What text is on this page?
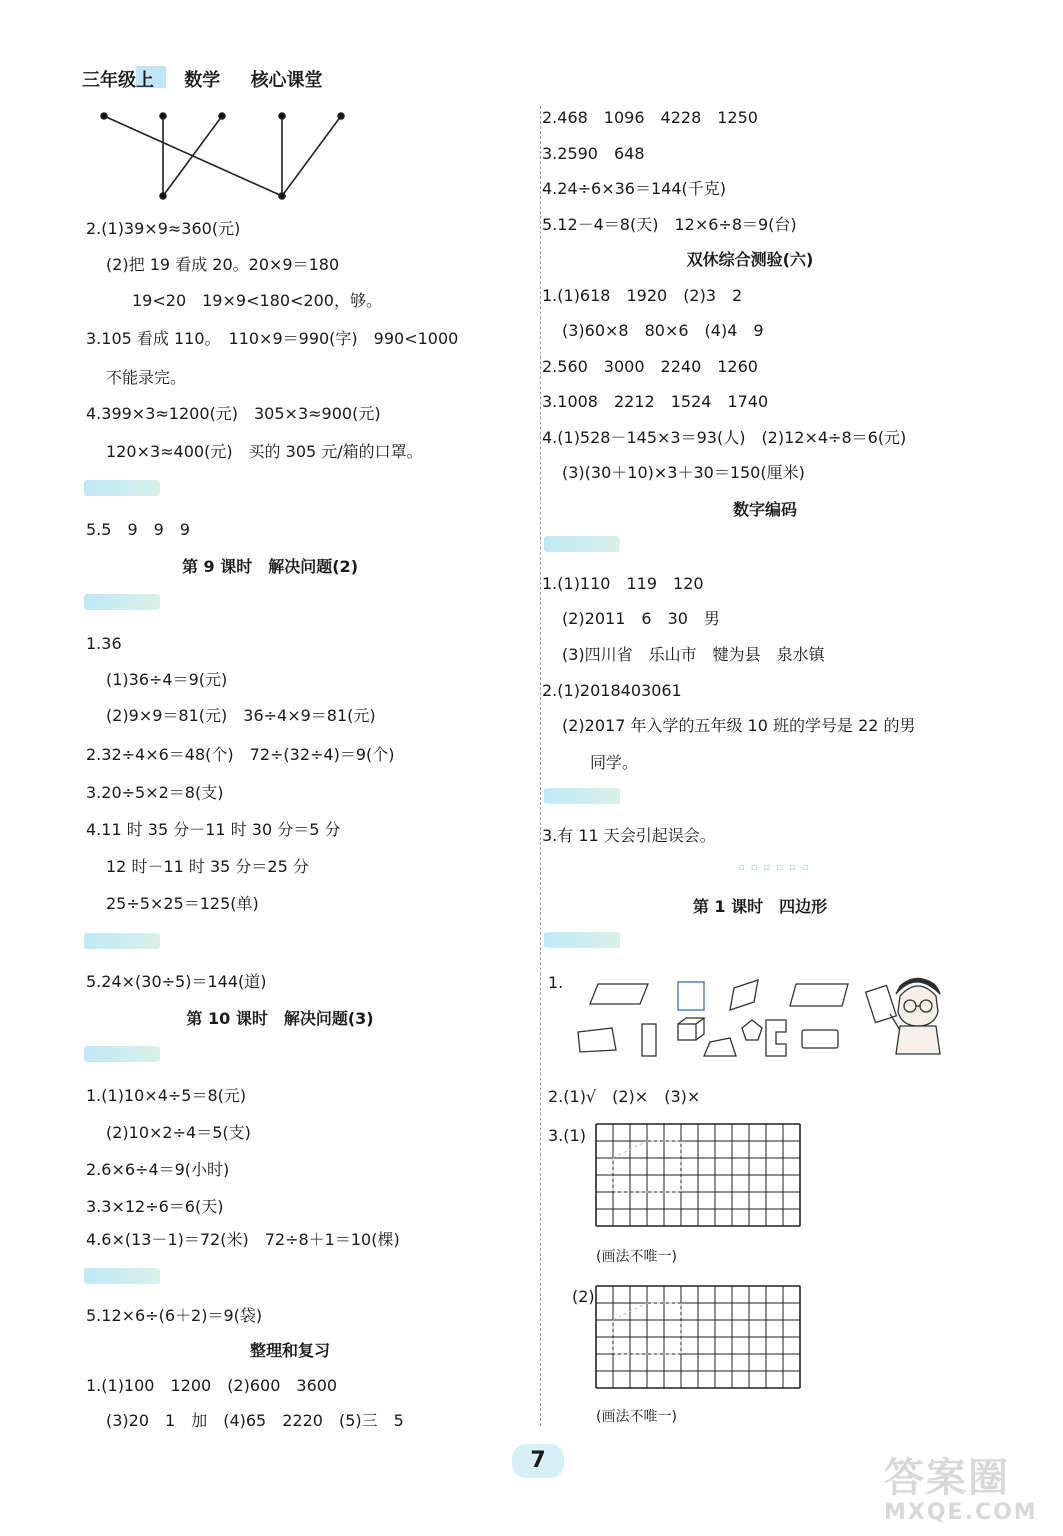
三年级上 数学 核心课堂
2.(1)39×9≈360(元)
(2)把 19 看成 20。20×9＝180
19<20　19×9<180<200，够。
3.105 看成 110。　110×9＝990(字)　990<1000
不能录完。
4.399×3≈1200(元)　305×3≈900(元)
120×3≈400(元)　买的 305 元/箱的口罩。
5.5　9　9　9
第 9 课时　解决问题(2)
1.36
(1)36÷4＝9(元)
(2)9×9＝81(元)　36÷4×9＝81(元)
2.32÷4×6＝48(个)　72÷(32÷4)＝9(个)
3.20÷5×2＝8(支)
4.11 时 35 分－11 时 30 分＝5 分
12 时－11 时 35 分＝25 分
25÷5×25＝125(单)
5.24×(30÷5)＝144(道)
第 10 课时　解决问题(3)
1.(1)10×4÷5＝8(元)
(2)10×2÷4＝5(支)
2.6×6÷4＝9(小时)
3.3×12÷6＝6(天)
4.6×(13－1)＝72(米)　72÷8＋1＝10(棵)
5.12×6÷(6＋2)＝9(袋)
整理和复习
1.(1)100　1200　(2)600　3600
(3)20　1　加　(4)65　2220　(5)三　5
2.468　1096　4228　1250
3.2590　648
4.24÷6×36＝144(千克)
5.12－4＝8(天)　12×6÷8＝9(台)
双休综合测验(六)
1.(1)618　1920　(2)3　2
(3)60×8　80×6　(4)4　9
2.560　3000　2240　1260
3.1008　2212　1524　1740
4.(1)528－145×3＝93(人)　(2)12×4÷8＝6(元)
(3)(30＋10)×3＋30＝150(厘米)
数字编码
1.(1)110　119　120
(2)2011　6　30　男
(3)四川省　乐山市　犍为县　泉水镇
2.(1)2018403061
(2)2017 年入学的五年级 10 班的学号是 22 的男
同学。
3.有 11 天会引起误会。
▫▫▫▫▫▫
第 1 课时　四边形
1.
2.(1)√　(2)×　(3)×
3.(1)
(画法不唯一)
(2)
(画法不唯一)
7	答案圈
MXQE.COM
